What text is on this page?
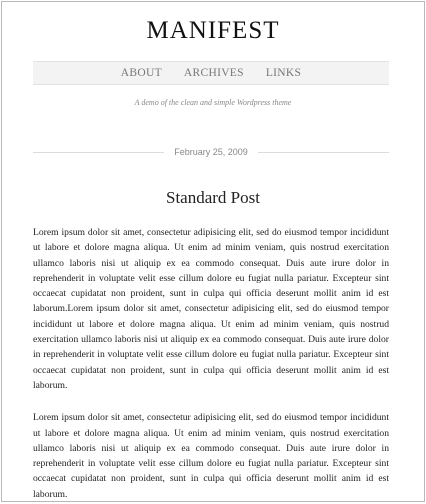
MANIFEST
ABOUT ARCHIVES LINKS
A demo of the clean and simple Wordpress theme
February 25, 2009
Standard Post

Lorem ipsum dolor sit amet, consectetur adipisicing elit, sed do eiusmod tempor incididunt ut labore et dolore magna aliqua. Ut enim ad minim veniam, quis nostrud exercitation ullamco laboris nisi ut aliquip ex ea commodo consequat. Duis aute irure dolor in reprehenderit in voluptate velit esse cillum dolore eu fugiat nulla pariatur. Excepteur sint occaecat cupidatat non proident, sunt in culpa qui officia deserunt mollit anim id est laborum.Lorem ipsum dolor sit amet, consectetur adipisicing elit, sed do eiusmod tempor incididunt ut labore et dolore magna aliqua. Ut enim ad minim veniam, quis nostrud exercitation ullamco laboris nisi ut aliquip ex ea commodo consequat. Duis aute irure dolor in reprehenderit in voluptate velit esse cillum dolore eu fugiat nulla pariatur. Excepteur sint occaecat cupidatat non proident, sunt in culpa qui officia deserunt mollit anim id est laborum.

Lorem ipsum dolor sit amet, consectetur adipisicing elit, sed do eiusmod tempor incididunt ut labore et dolore magna aliqua. Ut enim ad minim veniam, quis nostrud exercitation ullamco laboris nisi ut aliquip ex ea commodo consequat. Duis aute irure dolor in reprehenderit in voluptate velit esse cillum dolore eu fugiat nulla pariatur. Excepteur sint occaecat cupidatat non proident, sunt in culpa qui officia deserunt mollit anim id est laborum.
